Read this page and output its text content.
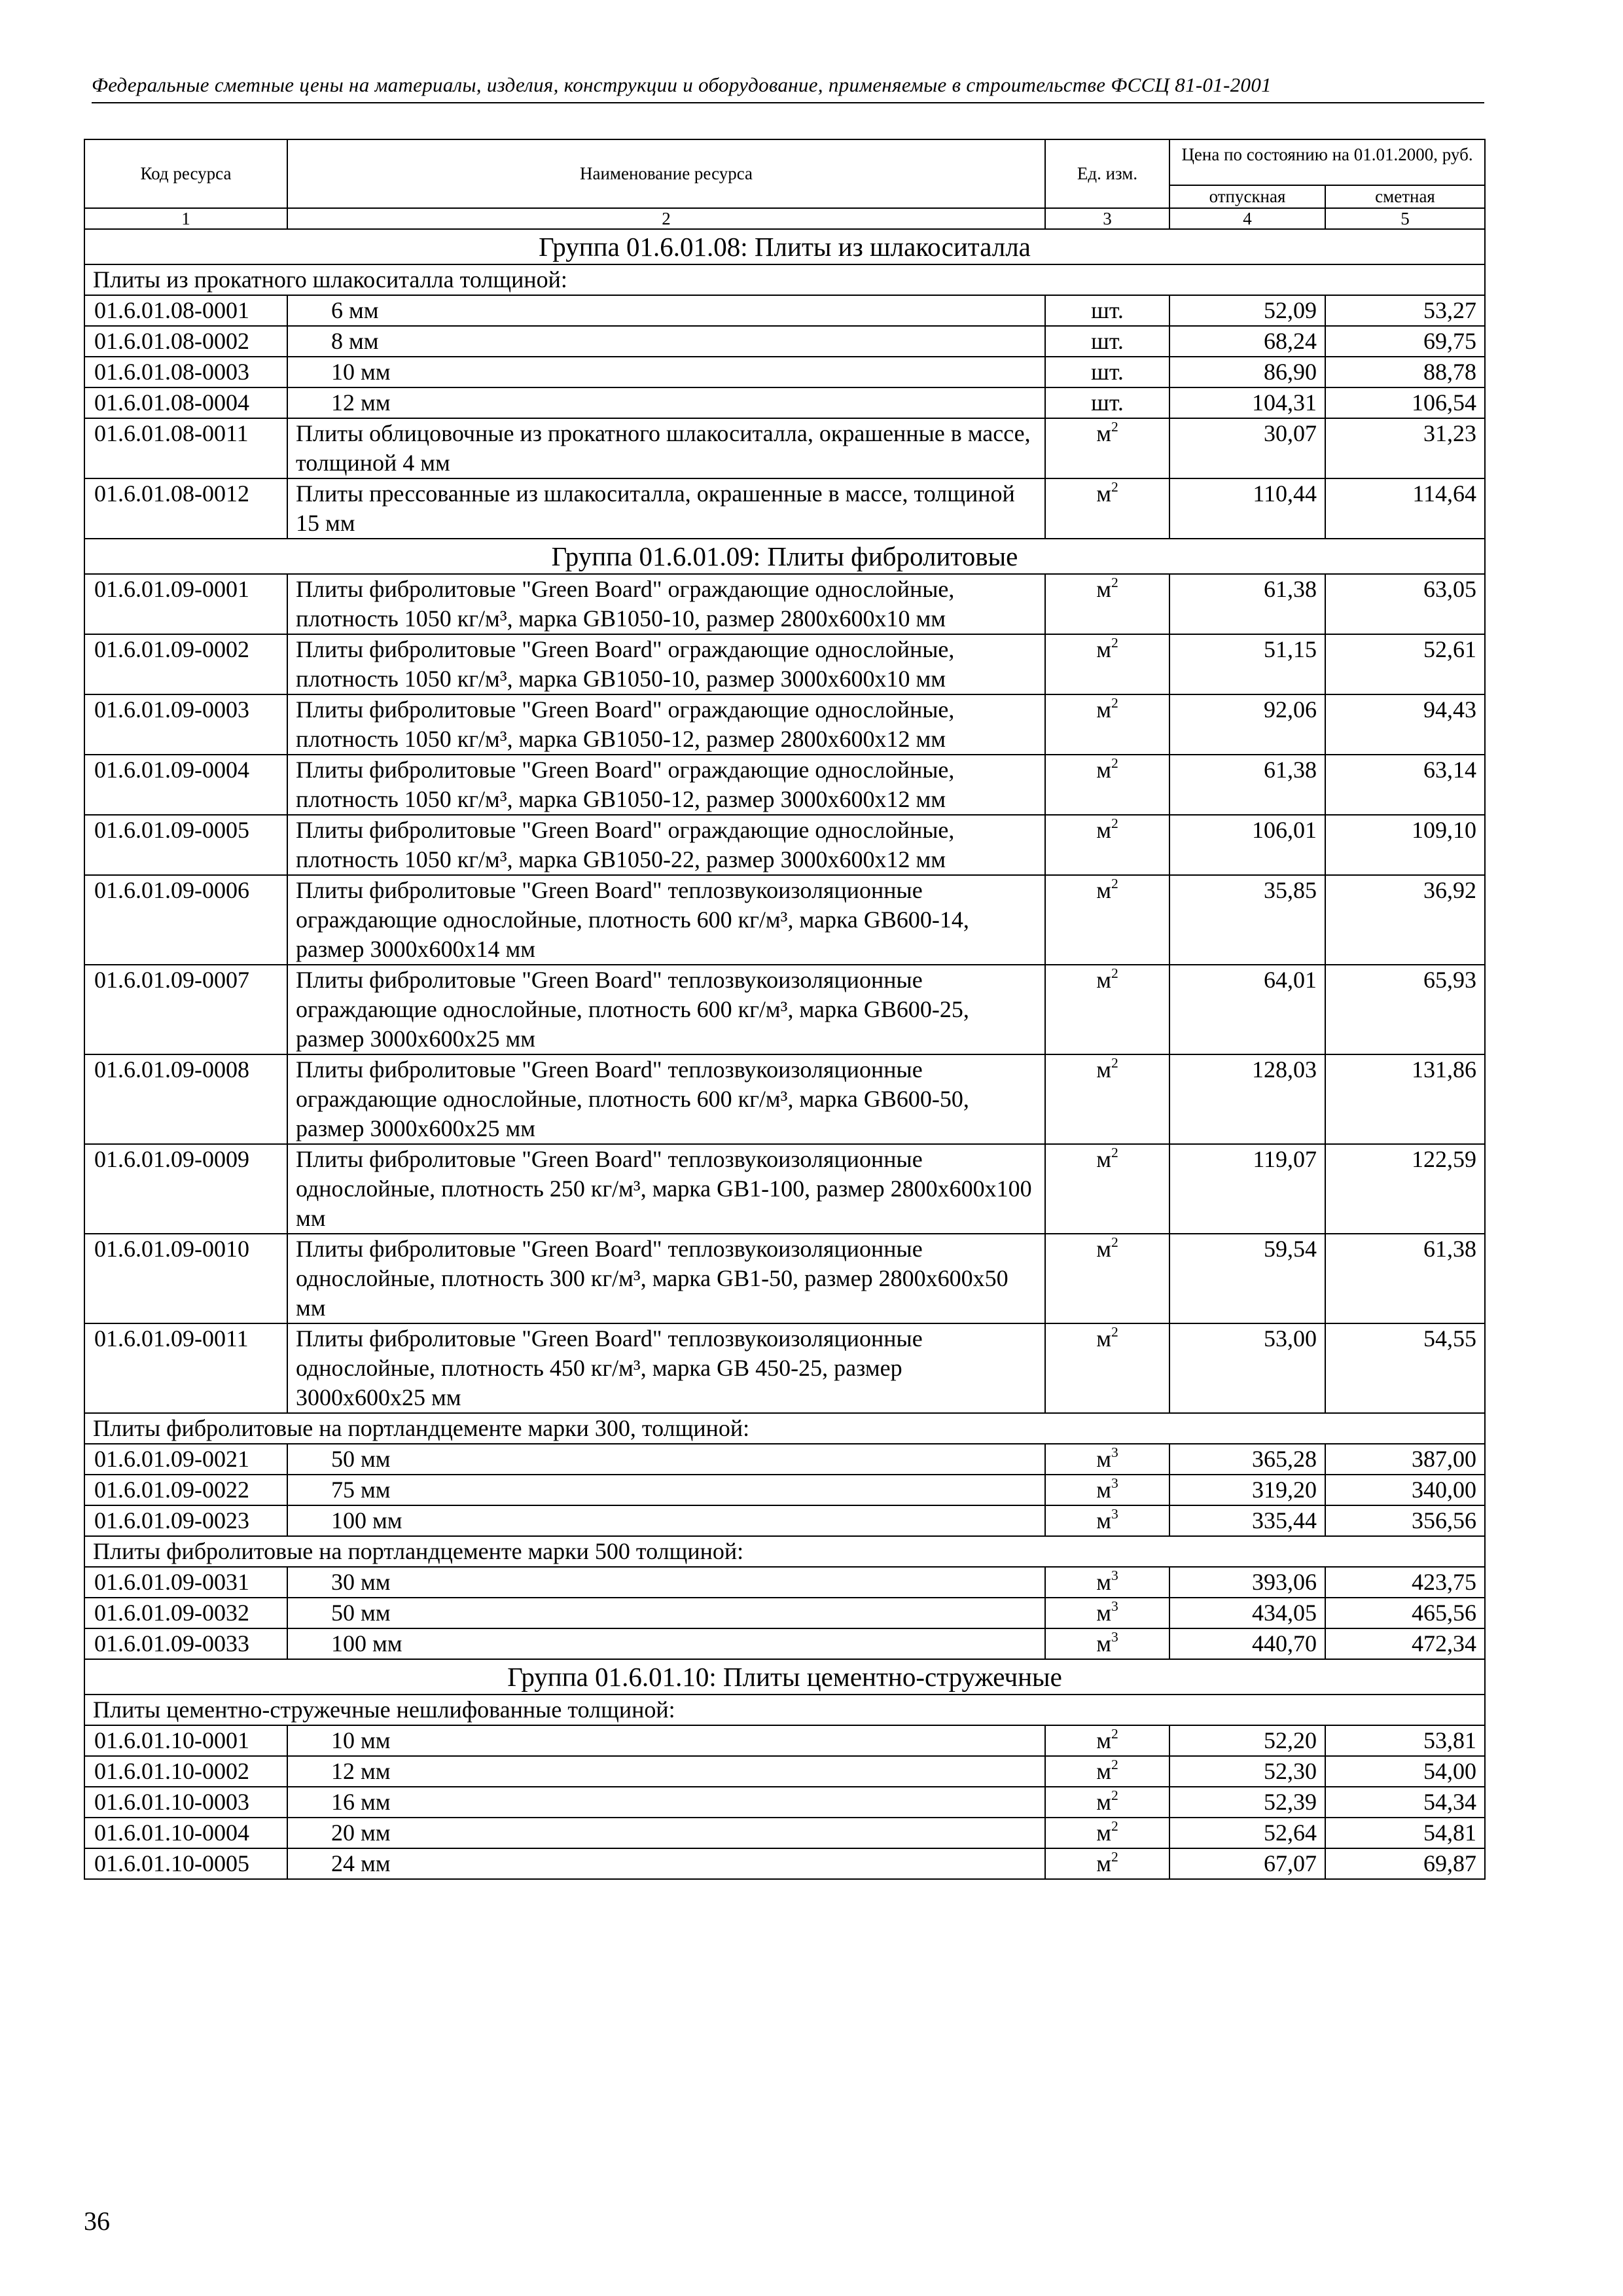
Федеральные сметные цены на материалы, изделия, конструкции и оборудование, применяемые в строительстве ФССЦ 81-01-2001
Код ресурса	Наименование ресурса	Ед. изм.	Цена по состоянию на 01.01.2000, руб.	
			отпускная	сметная
1	2	3	4	5
Группа 01.6.01.08: Плиты из шлакоситалла				
Плиты из прокатного шлакоситалла толщиной:				
01.6.01.08-0001	6 мм	шт.	52,09	53,27
01.6.01.08-0002	8 мм	шт.	68,24	69,75
01.6.01.08-0003	10 мм	шт.	86,90	88,78
01.6.01.08-0004	12 мм	шт.	104,31	106,54
01.6.01.08-0011	Плиты облицовочные из прокатного шлакоситалла, окрашенные в массе, толщиной 4 мм	$м^2$	30,07	31,23
01.6.01.08-0012	Плиты прессованные из шлакоситалла, окрашенные в массе, толщиной 15 мм	$м^2$	110,44	114,64
Группа 01.6.01.09: Плиты фибролитовые				
01.6.01.09-0001	Плиты фибролитовые "Green Board" ограждающие однослойные, плотность 1050 кг/м³, марка GB1050-10, размер 2800x600x10 мм	$м^2$	61,38	63,05
01.6.01.09-0002	Плиты фибролитовые "Green Board" ограждающие однослойные, плотность 1050 кг/м³, марка GB1050-10, размер 3000x600x10 мм	$м^2$	51,15	52,61
01.6.01.09-0003	Плиты фибролитовые "Green Board" ограждающие однослойные, плотность 1050 кг/м³, марка GB1050-12, размер 2800x600x12 мм	$м^2$	92,06	94,43
01.6.01.09-0004	Плиты фибролитовые "Green Board" ограждающие однослойные, плотность 1050 кг/м³, марка GB1050-12, размер 3000x600x12 мм	$м^2$	61,38	63,14
01.6.01.09-0005	Плиты фибролитовые "Green Board" ограждающие однослойные, плотность 1050 кг/м³, марка GB1050-22, размер 3000x600x12 мм	$м^2$	106,01	109,10
01.6.01.09-0006	Плиты фибролитовые "Green Board" теплозвукоизоляционные ограждающие однослойные, плотность 600 кг/м³, марка GB600-14, размер 3000x600x14 мм	$м^2$	35,85	36,92
01.6.01.09-0007	Плиты фибролитовые "Green Board" теплозвукоизоляционные ограждающие однослойные, плотность 600 кг/м³, марка GB600-25, размер 3000x600x25 мм	$м^2$	64,01	65,93
01.6.01.09-0008	Плиты фибролитовые "Green Board" теплозвукоизоляционные ограждающие однослойные, плотность 600 кг/м³, марка GB600-50, размер 3000x600x25 мм	$м^2$	128,03	131,86
01.6.01.09-0009	Плиты фибролитовые "Green Board" теплозвукоизоляционные однослойные, плотность 250 кг/м³, марка GB1-100, размер 2800x600x100 мм	$м^2$	119,07	122,59
01.6.01.09-0010	Плиты фибролитовые "Green Board" теплозвукоизоляционные однослойные, плотность 300 кг/м³, марка GB1-50, размер 2800x600x50 мм	$м^2$	59,54	61,38
01.6.01.09-0011	Плиты фибролитовые "Green Board" теплозвукоизоляционные однослойные, плотность 450 кг/м³, марка GB 450-25, размер 3000x600x25 мм	$м^2$	53,00	54,55
Плиты фибролитовые на портландцементе марки 300, толщиной:				
01.6.01.09-0021	50 мм	$м^3$	365,28	387,00
01.6.01.09-0022	75 мм	$м^3$	319,20	340,00
01.6.01.09-0023	100 мм	$м^3$	335,44	356,56
Плиты фибролитовые на портландцементе марки 500 толщиной:				
01.6.01.09-0031	30 мм	$м^3$	393,06	423,75
01.6.01.09-0032	50 мм	$м^3$	434,05	465,56
01.6.01.09-0033	100 мм	$м^3$	440,70	472,34
Группа 01.6.01.10: Плиты цементно-стружечные				
Плиты цементно-стружечные нешлифованные толщиной:				
01.6.01.10-0001	10 мм	$м^2$	52,20	53,81
01.6.01.10-0002	12 мм	$м^2$	52,30	54,00
01.6.01.10-0003	16 мм	$м^2$	52,39	54,34
01.6.01.10-0004	20 мм	$м^2$	52,64	54,81
01.6.01.10-0005	24 мм	$м^2$	67,07	69,87
36
